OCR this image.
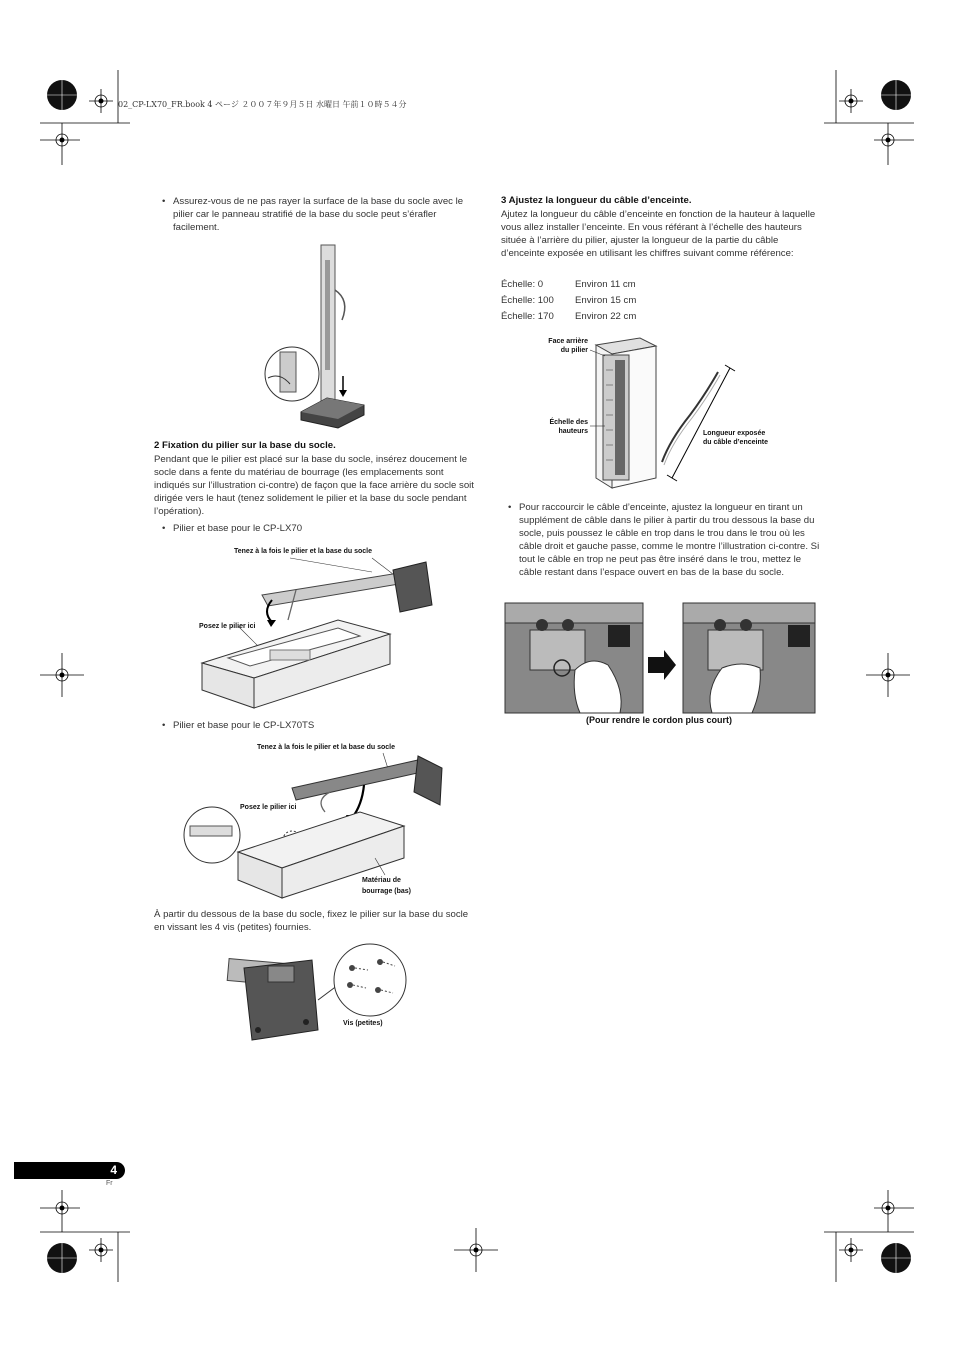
02_CP-LX70_FR.book 4 ページ ２００７年９月５日 水曜日 午前１０時５４分
• Assurez-vous de ne pas rayer la surface de la base du socle avec le pilier car le panneau stratifié de la base du socle peut s’érafler facilement.
2 Fixation du pilier sur la base du socle.
Pendant que le pilier est placé sur la base du socle, insérez doucement le socle dans a fente du matériau de bourrage (les emplacements sont indiqués sur l’illustration ci-contre) de façon que la face arrière du socle soit dirigée vers le haut (tenez solidement le pilier et la base du socle pendant l’opération).
• Pilier et base pour le CP-LX70
Tenez à la fois le pilier et la base du socle
Posez le pilier ici
• Pilier et base pour le CP-LX70TS
Tenez à la fois le pilier et la base du socle
Posez le pilier ici
Matériau de
bourrage (bas)
À partir du dessous de la base du socle, fixez le pilier sur la base du socle en vissant les 4 vis (petites) fournies.
Vis (petites)
3 Ajustez la longueur du câble d’enceinte.
Ajutez la longueur du câble d’enceinte en fonction de la hauteur à laquelle vous allez installer l’enceinte. En vous référant à l’échelle des hauteurs située à l’arrière du pilier, ajuster la longueur de la partie du câble d’enceinte exposée en utilisant les chiffres suivant comme référence:
Échelle: 0	Environ 11 cm
Échelle: 100 Environ 15 cm
Échelle: 170 Environ 22 cm
Face arrière
du pilier
Échelle des
hauteurs	Longueur exposée
du câble d’enceinte
• Pour raccourcir le câble d’enceinte, ajustez la longueur en tirant un supplément de câble dans le pilier à partir du trou dessous la base du socle, puis poussez le câble en trop dans le trou dans le trou où les câble droit et gauche passe, comme le montre l’illustration ci-contre. Si tout le câble en trop ne peut pas être inséré dans le trou, mettez le câble restant dans l’espace ouvert en bas de la base du socle.
(Pour rendre le cordon plus court)
4
Fr
